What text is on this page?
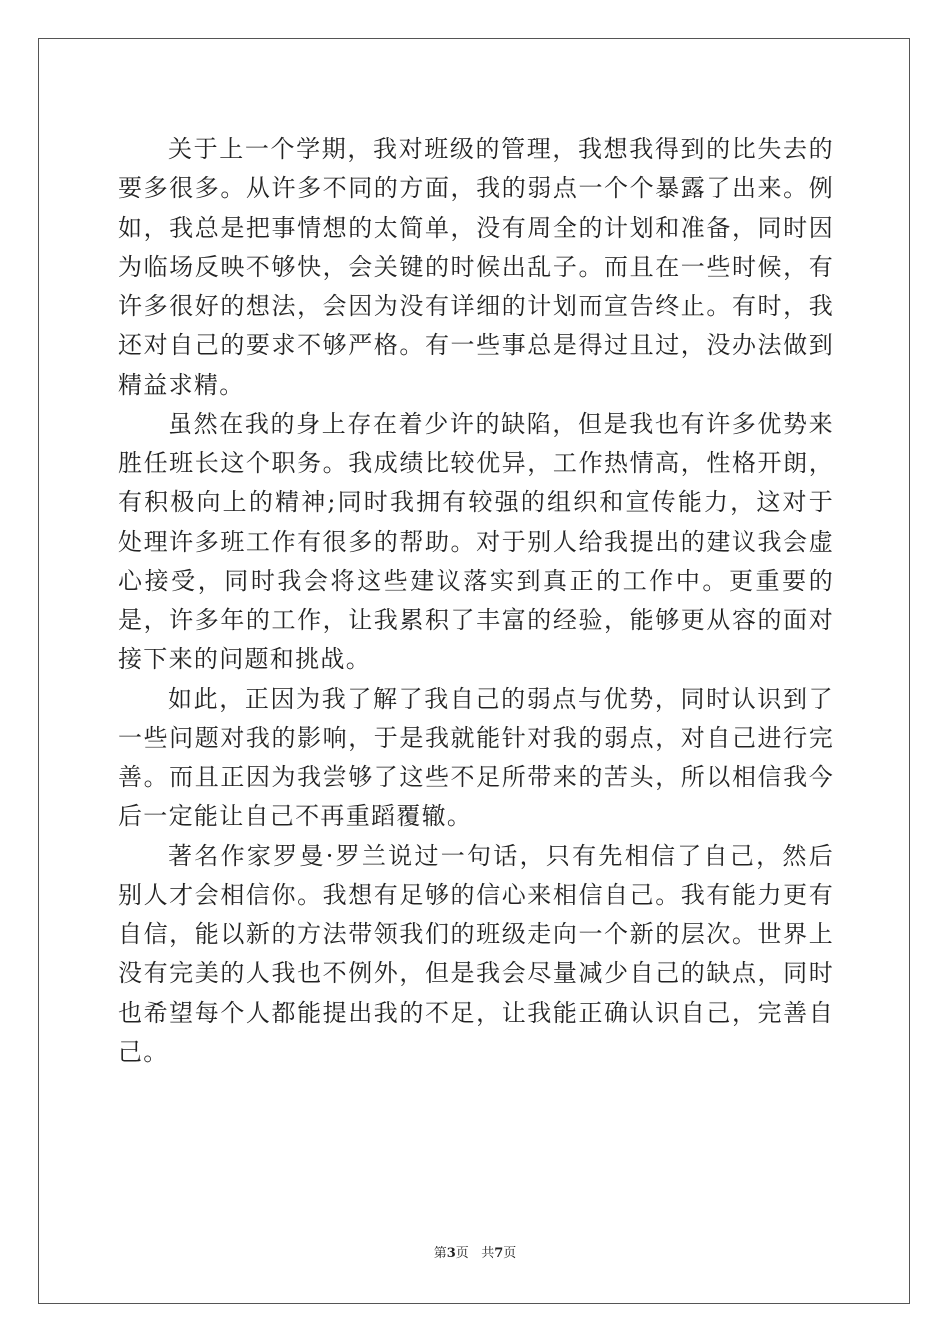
关于上一个学期，我对班级的管理，我想我得到的比失去的要多很多。从许多不同的方面，我的弱点一个个暴露了出来。例如，我总是把事情想的太简单，没有周全的计划和准备，同时因为临场反映不够快，会关键的时候出乱子。而且在一些时候，有许多很好的想法，会因为没有详细的计划而宣告终止。有时，我还对自己的要求不够严格。有一些事总是得过且过，没办法做到精益求精。

虽然在我的身上存在着少许的缺陷，但是我也有许多优势来胜任班长这个职务。我成绩比较优异，工作热情高，性格开朗，有积极向上的精神;同时我拥有较强的组织和宣传能力，这对于处理许多班工作有很多的帮助。对于别人给我提出的建议我会虚心接受，同时我会将这些建议落实到真正的工作中。更重要的是，许多年的工作，让我累积了丰富的经验，能够更从容的面对接下来的问题和挑战。

如此，正因为我了解了我自己的弱点与优势，同时认识到了一些问题对我的影响，于是我就能针对我的弱点，对自己进行完善。而且正因为我尝够了这些不足所带来的苦头，所以相信我今后一定能让自己不再重蹈覆辙。

著名作家罗曼·罗兰说过一句话，只有先相信了自己，然后别人才会相信你。我想有足够的信心来相信自己。我有能力更有自信，能以新的方法带领我们的班级走向一个新的层次。世界上没有完美的人我也不例外，但是我会尽量减少自己的缺点，同时也希望每个人都能提出我的不足，让我能正确认识自己，完善自己。

第3页 共7页
